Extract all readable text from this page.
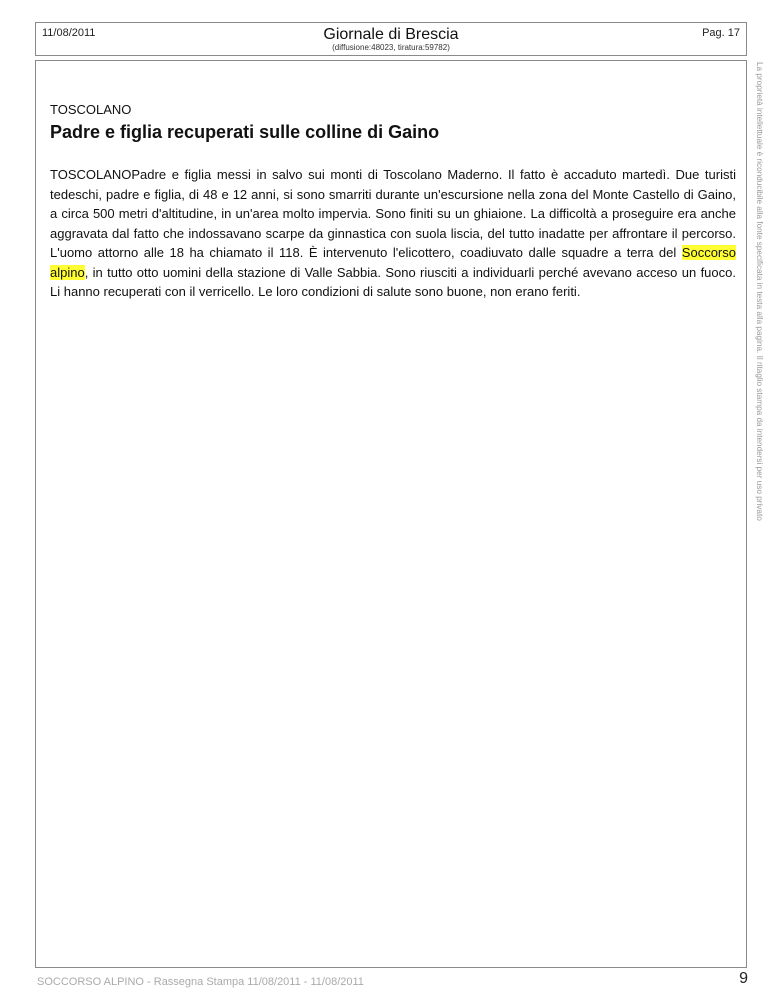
11/08/2011	Giornale di Brescia
(diffusione:48023, tiratura:59782)
Pag. 17
TOSCOLANO
Padre e figlia recuperati sulle colline di Gaino

TOSCOLANOPadre e figlia messi in salvo sui monti di Toscolano Maderno. Il fatto è accaduto martedì. Due turisti tedeschi, padre e figlia, di 48 e 12 anni, si sono smarriti durante un'escursione nella zona del Monte Castello di Gaino, a circa 500 metri d'altitudine, in un'area molto impervia. Sono finiti su un ghiaione. La difficoltà a proseguire era anche aggravata dal fatto che indossavano scarpe da ginnastica con suola liscia, del tutto inadatte per affrontare il percorso. L'uomo attorno alle 18 ha chiamato il 118. È intervenuto l'elicottero, coadiuvato dalle squadre a terra del Soccorso alpino, in tutto otto uomini della stazione di Valle Sabbia. Sono riusciti a individuarli perché avevano acceso un fuoco. Li hanno recuperati con il verricello. Le loro condizioni di salute sono buone, non erano feriti.	La proprietà intellettuale è riconducibile alla fonte specificata in testa alla pagina. Il ritaglio stampa da intendersi per uso privato
SOCCORSO ALPINO - Rassegna Stampa 11/08/2011 - 11/08/2011	9
